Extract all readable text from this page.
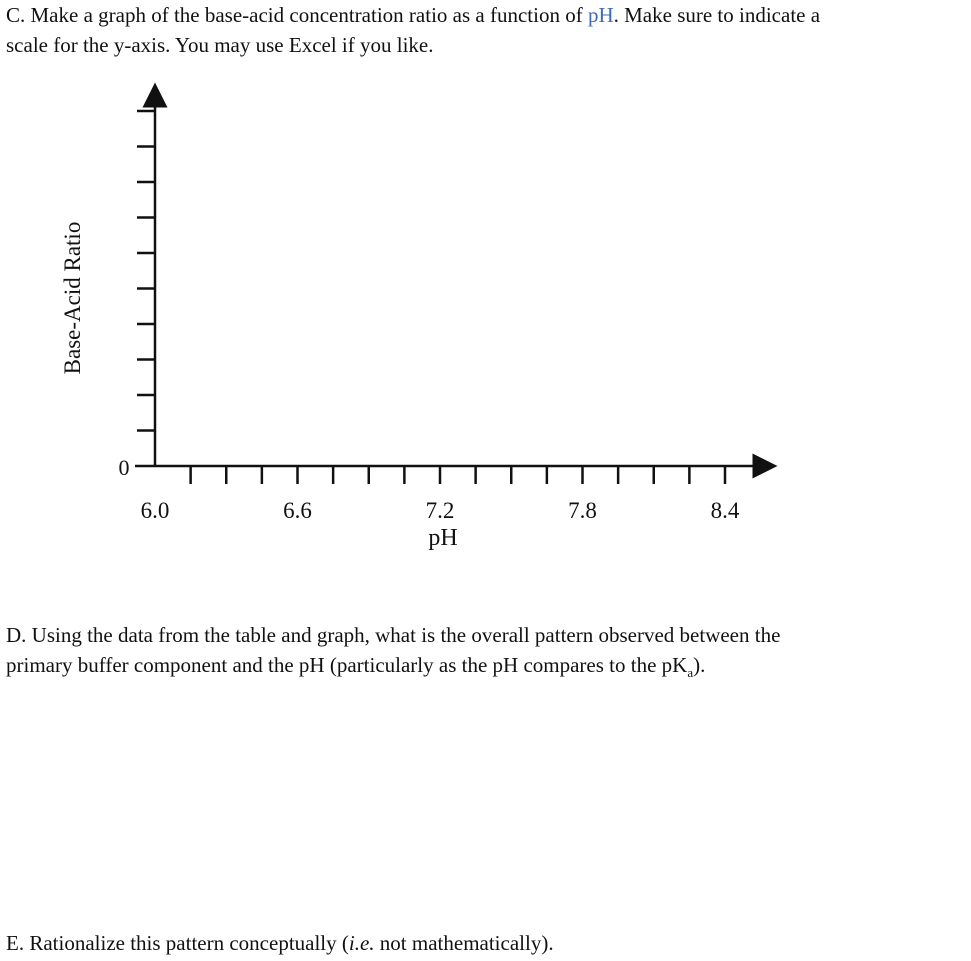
C. Make a graph of the base-acid concentration ratio as a function of pH. Make sure to indicate a
scale for the y-axis. You may use Excel if you like.

6.0	6.6	7.2	7.8	8.4
0
Base-Acid Ratio
pH

D. Using the data from the table and graph, what is the overall pattern observed between the
primary buffer component and the pH (particularly as the pH compares to the $pK_a$).

E. Rationalize this pattern conceptually (i.e. not mathematically).
